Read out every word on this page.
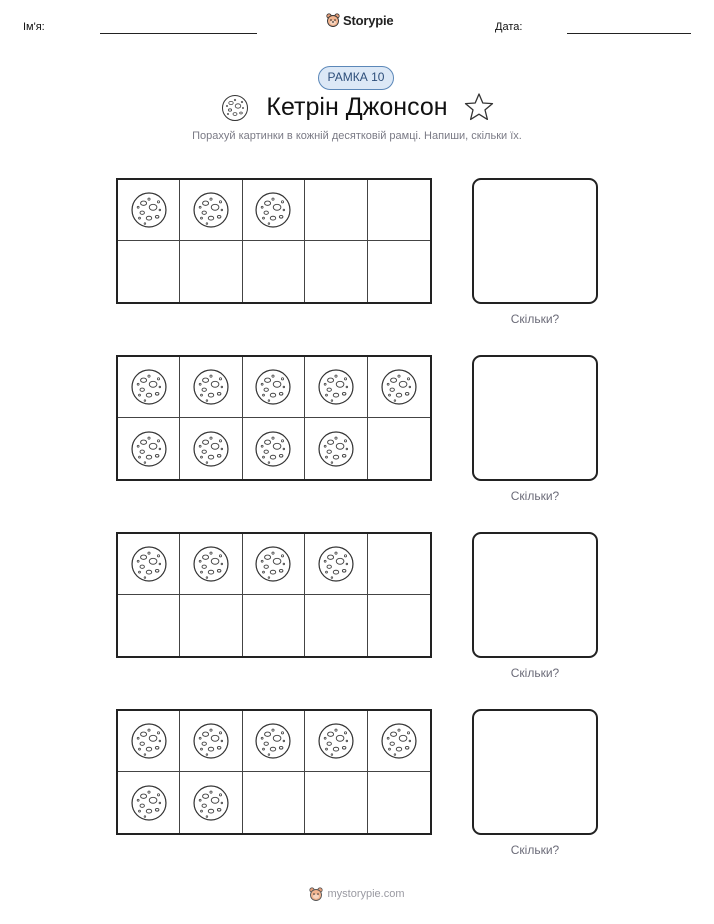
Ім'я:	Storypie	Дата:
РАМКА 10
Кетрін Джонсон
Порахуй картинки в кожній десятковій рамці. Напиши, скільки їх.
Скільки?
Скільки?
Скільки?
Скільки?
mystorypie.com
